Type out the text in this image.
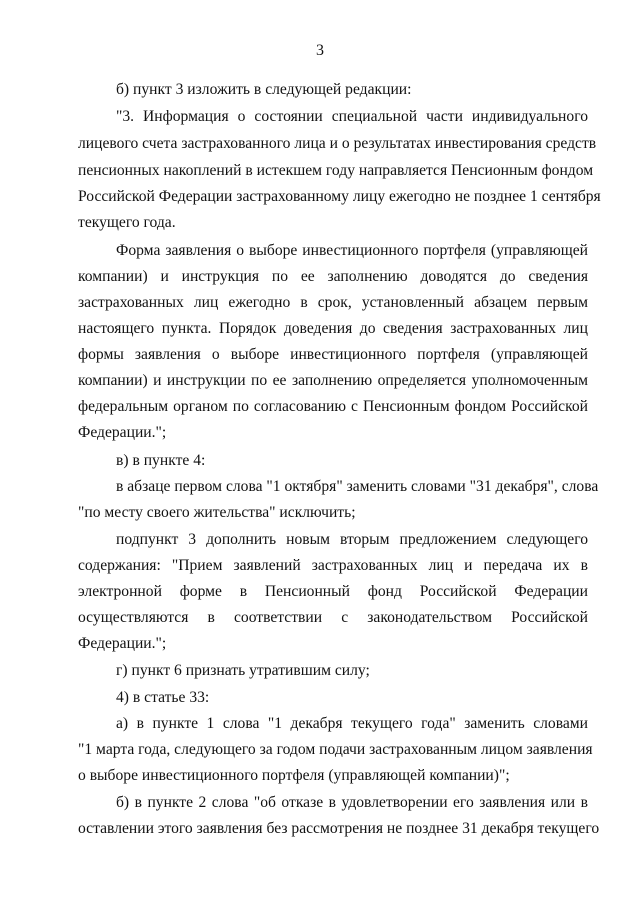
3
б) пункт 3 изложить в следующей редакции:
"3. Информация о состоянии специальной части индивидуального
лицевого счета застрахованного лица и о результатах инвестирования средств
пенсионных накоплений в истекшем году направляется Пенсионным фондом
Российской Федерации застрахованному лицу ежегодно не позднее 1 сентября
текущего года.
Форма заявления о выборе инвестиционного портфеля (управляющей
компании) и инструкция по ее заполнению доводятся до сведения
застрахованных лиц ежегодно в срок, установленный абзацем первым
настоящего пункта. Порядок доведения до сведения застрахованных лиц
формы заявления о выборе инвестиционного портфеля (управляющей
компании) и инструкции по ее заполнению определяется уполномоченным
федеральным органом по согласованию с Пенсионным фондом Российской
Федерации.";
в) в пункте 4:
в абзаце первом слова "1 октября" заменить словами "31 декабря", слова
"по месту своего жительства" исключить;
подпункт 3 дополнить новым вторым предложением следующего
содержания: "Прием заявлений застрахованных лиц и передача их в
электронной форме в Пенсионный фонд Российской Федерации
осуществляются в соответствии с законодательством Российской
Федерации.";
г) пункт 6 признать утратившим силу;
4) в статье 33:
а) в пункте 1 слова "1 декабря текущего года" заменить словами
"1 марта года, следующего за годом подачи застрахованным лицом заявления
о выборе инвестиционного портфеля (управляющей компании)";
б) в пункте 2 слова "об отказе в удовлетворении его заявления или в
оставлении этого заявления без рассмотрения не позднее 31 декабря текущего
